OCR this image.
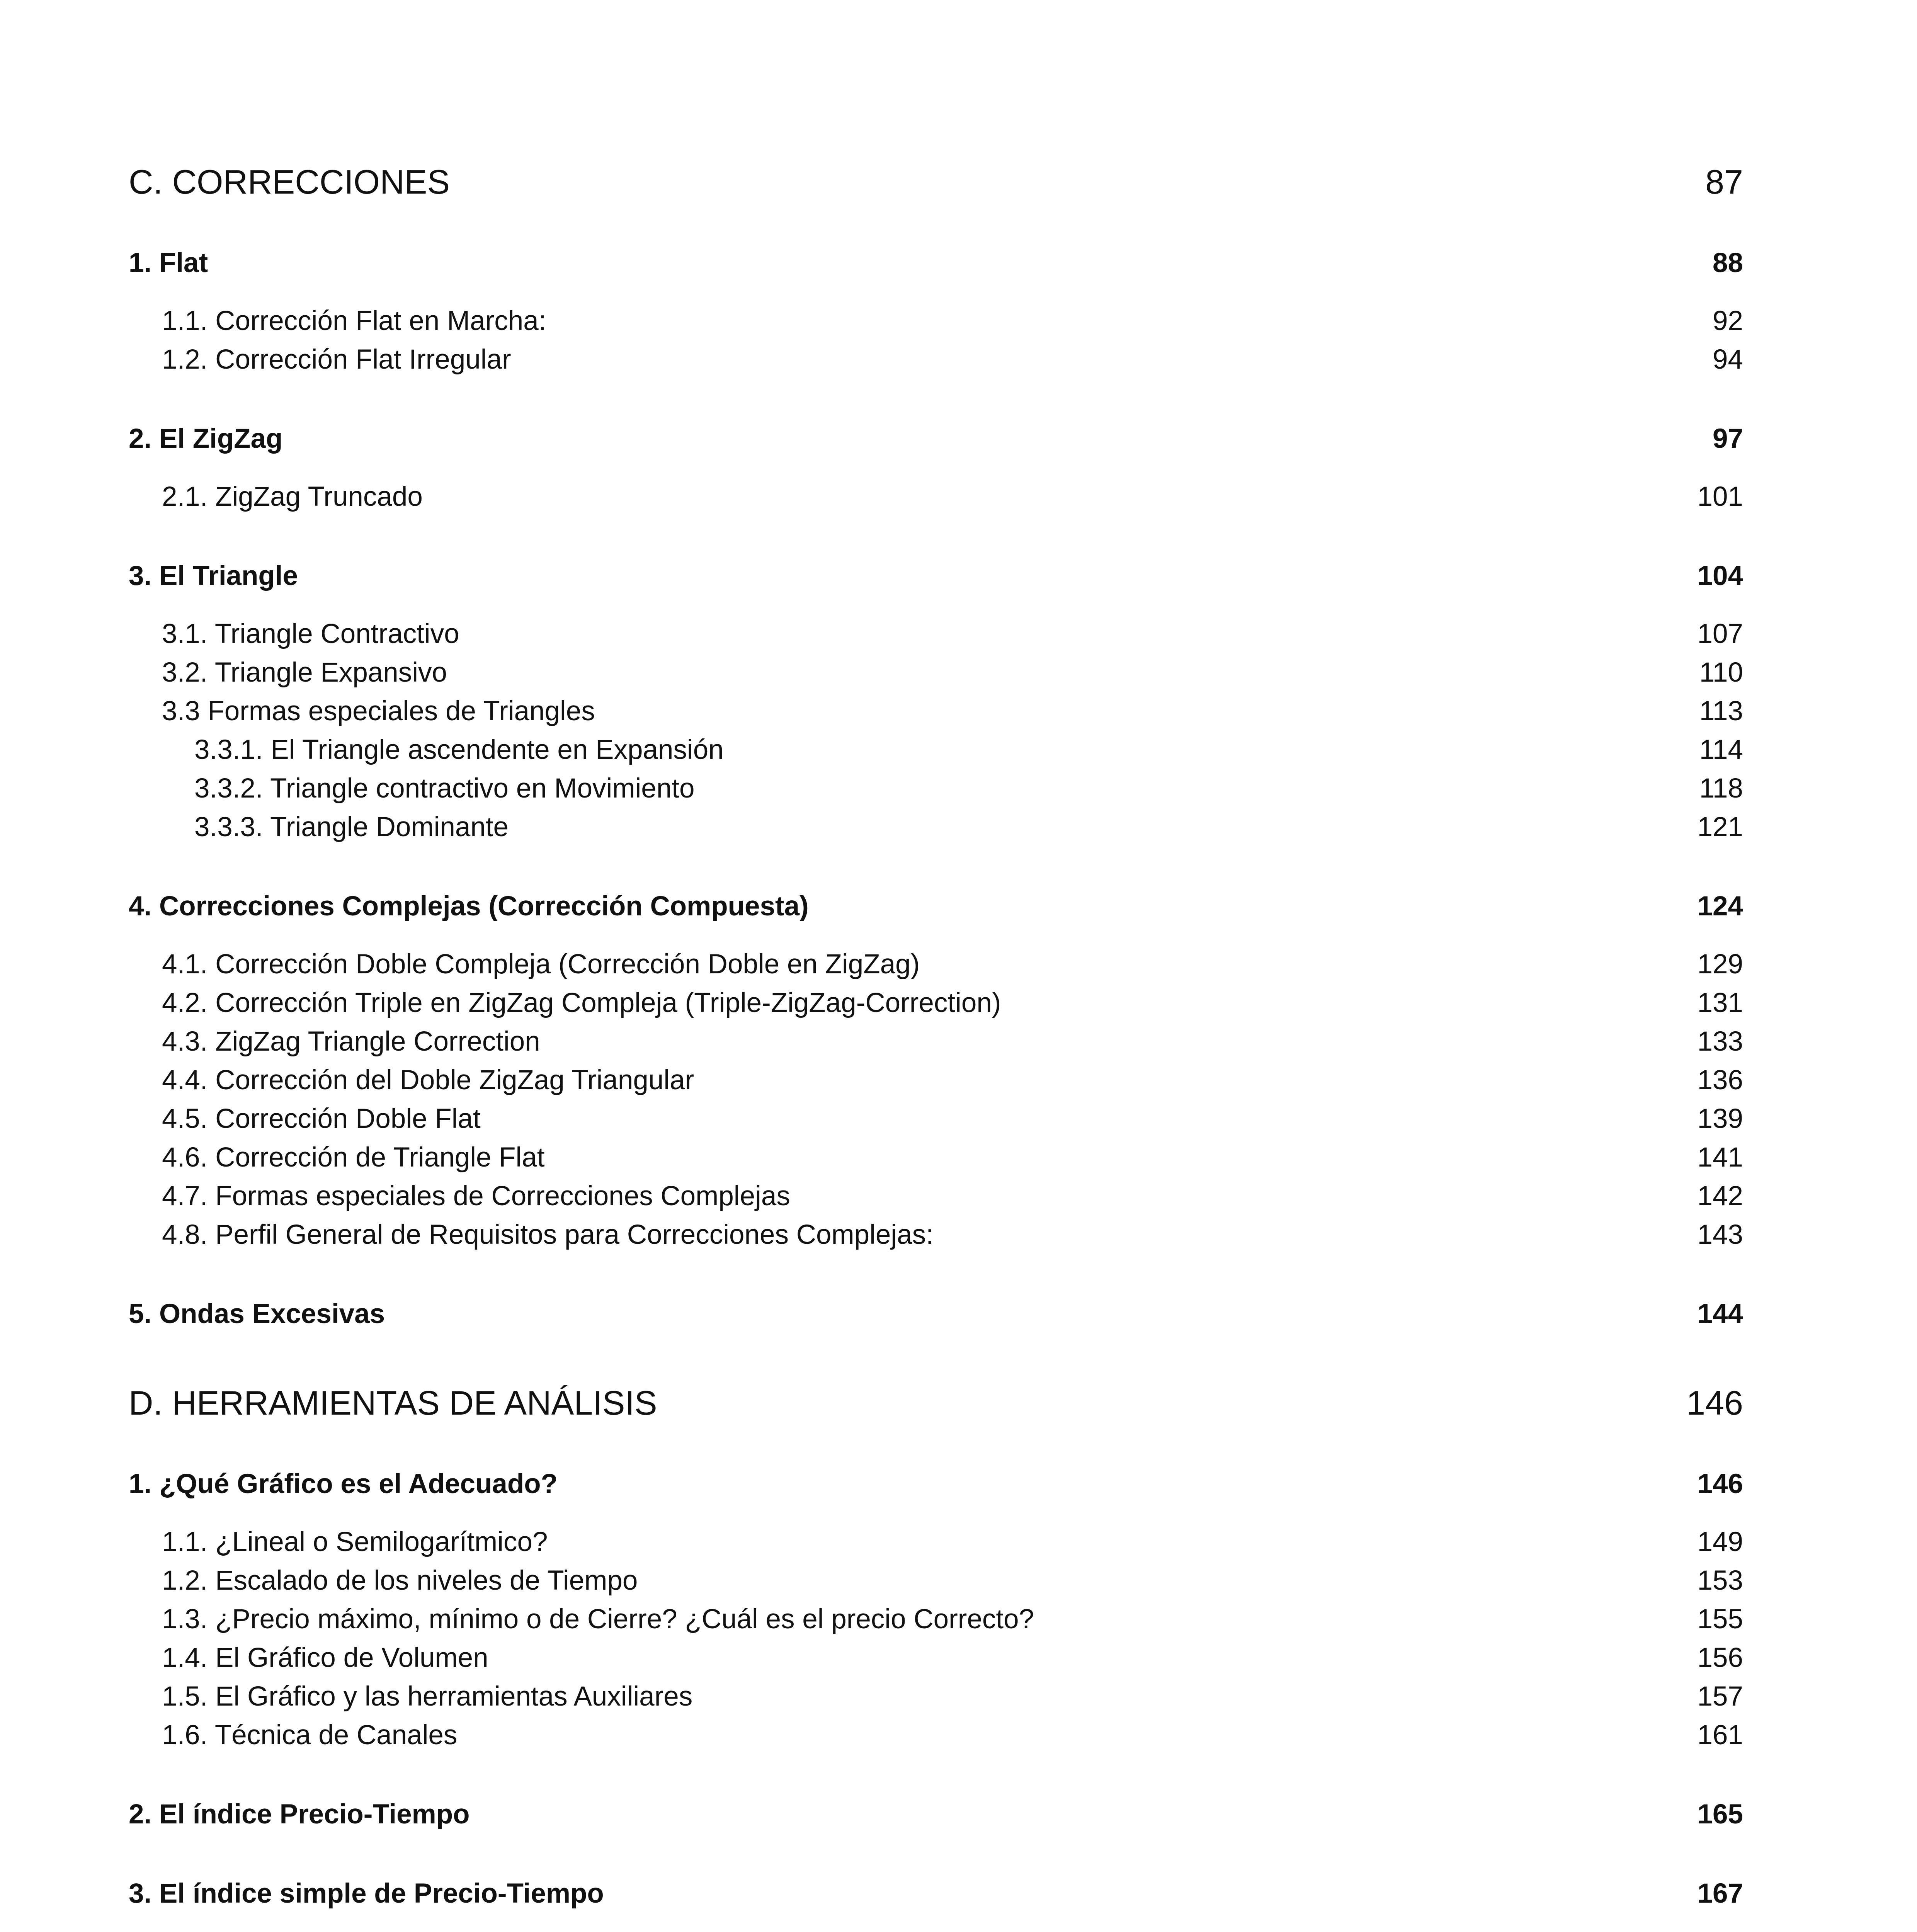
C. CORRECCIONES	87
1. Flat	88
1.1. Corrección Flat en Marcha:	92
1.2. Corrección Flat Irregular	94
2. El ZigZag	97
2.1. ZigZag Truncado	101
3. El Triangle	104
3.1. Triangle Contractivo	107
3.2. Triangle Expansivo	110
3.3 Formas especiales de Triangles	113
3.3.1. El Triangle ascendente en Expansión	114
3.3.2. Triangle contractivo en Movimiento	118
3.3.3. Triangle Dominante	121
4. Correcciones Complejas (Corrección Compuesta)	124
4.1. Corrección Doble Compleja (Corrección Doble en ZigZag)	129
4.2. Corrección Triple en ZigZag Compleja (Triple-ZigZag-Correction)	131
4.3. ZigZag Triangle Correction	133
4.4. Corrección del Doble ZigZag Triangular	136
4.5. Corrección Doble Flat	139
4.6. Corrección de Triangle Flat	141
4.7. Formas especiales de Correcciones Complejas	142
4.8. Perfil General de Requisitos para Correcciones Complejas:	143
5. Ondas Excesivas	144
D. HERRAMIENTAS DE ANÁLISIS	146
1. ¿Qué Gráfico es el Adecuado?	146
1.1. ¿Lineal o Semilogarítmico?	149
1.2. Escalado de los niveles de Tiempo	153
1.3. ¿Precio máximo, mínimo o de Cierre? ¿Cuál es el precio Correcto?	155
1.4. El Gráfico de Volumen	156
1.5. El Gráfico y las herramientas Auxiliares	157
1.6. Técnica de Canales	161
2. El índice Precio-Tiempo	165
3. El índice simple de Precio-Tiempo	167
